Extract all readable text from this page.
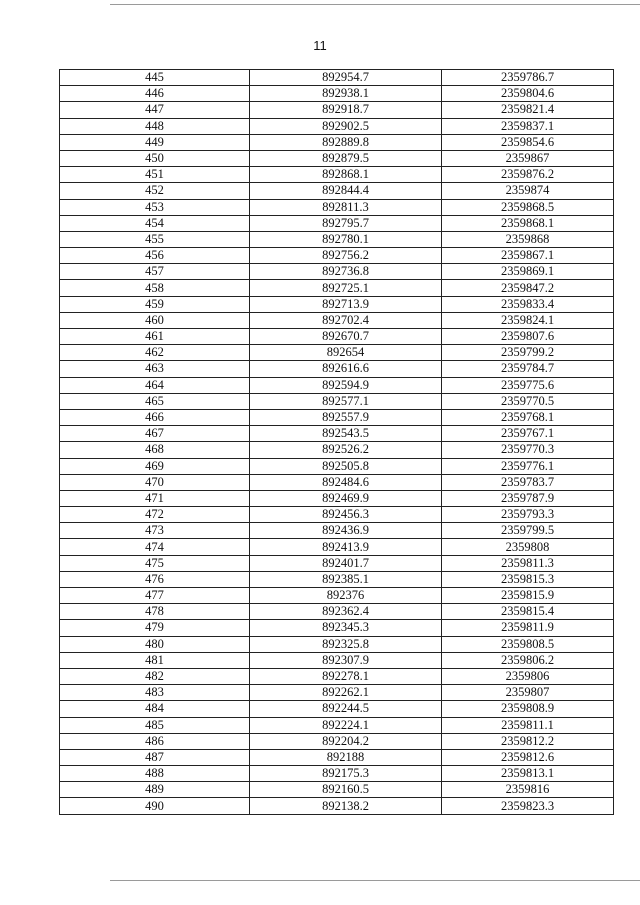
11
445	892954.7	2359786.7
446	892938.1	2359804.6
447	892918.7	2359821.4
448	892902.5	2359837.1
449	892889.8	2359854.6
450	892879.5	2359867
451	892868.1	2359876.2
452	892844.4	2359874
453	892811.3	2359868.5
454	892795.7	2359868.1
455	892780.1	2359868
456	892756.2	2359867.1
457	892736.8	2359869.1
458	892725.1	2359847.2
459	892713.9	2359833.4
460	892702.4	2359824.1
461	892670.7	2359807.6
462	892654	2359799.2
463	892616.6	2359784.7
464	892594.9	2359775.6
465	892577.1	2359770.5
466	892557.9	2359768.1
467	892543.5	2359767.1
468	892526.2	2359770.3
469	892505.8	2359776.1
470	892484.6	2359783.7
471	892469.9	2359787.9
472	892456.3	2359793.3
473	892436.9	2359799.5
474	892413.9	2359808
475	892401.7	2359811.3
476	892385.1	2359815.3
477	892376	2359815.9
478	892362.4	2359815.4
479	892345.3	2359811.9
480	892325.8	2359808.5
481	892307.9	2359806.2
482	892278.1	2359806
483	892262.1	2359807
484	892244.5	2359808.9
485	892224.1	2359811.1
486	892204.2	2359812.2
487	892188	2359812.6
488	892175.3	2359813.1
489	892160.5	2359816
490	892138.2	2359823.3
